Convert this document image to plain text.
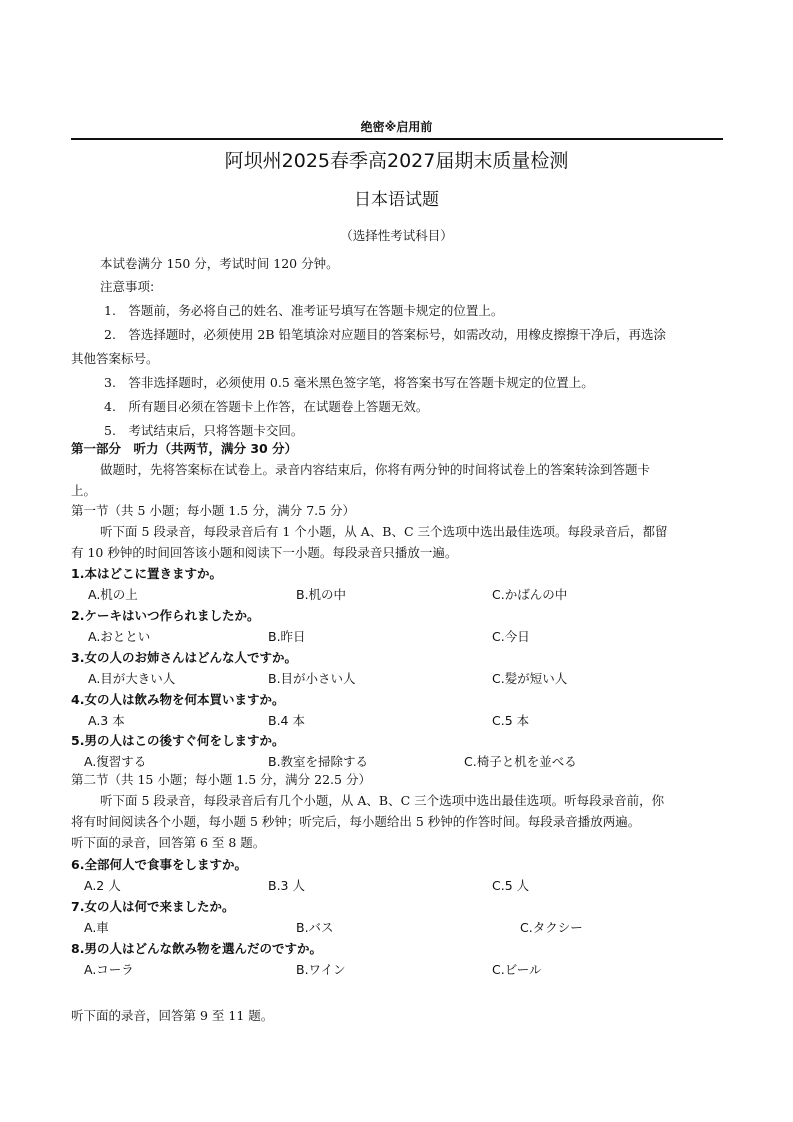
绝密※启用前
阿坝州2025春季高2027届期末质量检测
日本语试题
（选择性考试科目）
本试卷满分 150 分，考试时间 120 分钟。
注意事项:
1.　答题前，务必将自己的姓名、准考证号填写在答题卡规定的位置上。
2.　答选择题时，必须使用 2B 铅笔填涂对应题目的答案标号，如需改动，用橡皮擦擦干净后，再选涂
其他答案标号。
3.　答非选择题时，必须使用 0.5 毫米黑色签字笔，将答案书写在答题卡规定的位置上。
4.　所有题目必须在答题卡上作答，在试题卷上答题无效。
5.　考试结束后，只将答题卡交回。
第一部分　听力（共两节，满分 30 分）
做题时，先将答案标在试卷上。录音内容结束后，你将有两分钟的时间将试卷上的答案转涂到答题卡
上。
第一节（共 5 小题；每小题 1.5 分，满分 7.5 分）
听下面 5 段录音，每段录音后有 1 个小题，从 A、B、C 三个选项中选出最佳选项。每段录音后，都留
有 10 秒钟的时间回答该小题和阅读下一小题。每段录音只播放一遍。
1.本はどこに置きますか。
A.机の上	B.机の中	C.かばんの中
2.ケーキはいつ作られましたか。
A.おととい	B.昨日	C.今日
3.女の人のお姉さんはどんな人ですか。
A.目が大きい人	B.目が小さい人	C.髪が短い人
4.女の人は飲み物を何本買いますか。
A.3 本	B.4 本	C.5 本
5.男の人はこの後すぐ何をしますか。
A.復習する	B.教室を掃除する	C.椅子と机を並べる
第二节（共 15 小题；每小题 1.5 分，满分 22.5 分）
听下面 5 段录音，每段录音后有几个小题，从 A、B、C 三个选项中选出最佳选项。听每段录音前，你
将有时间阅读各个小题，每小题 5 秒钟；听完后，每小题给出 5 秒钟的作答时间。每段录音播放两遍。
听下面的录音，回答第 6 至 8 题。
6.全部何人で食事をしますか。
A.2 人	B.3 人	C.5 人
7.女の人は何で来ましたか。
A.車	B.バス	C.タクシー
8.男の人はどんな飲み物を選んだのですか。
A.コーラ	B.ワイン	C.ビール
听下面的录音，回答第 9 至 11 题。
